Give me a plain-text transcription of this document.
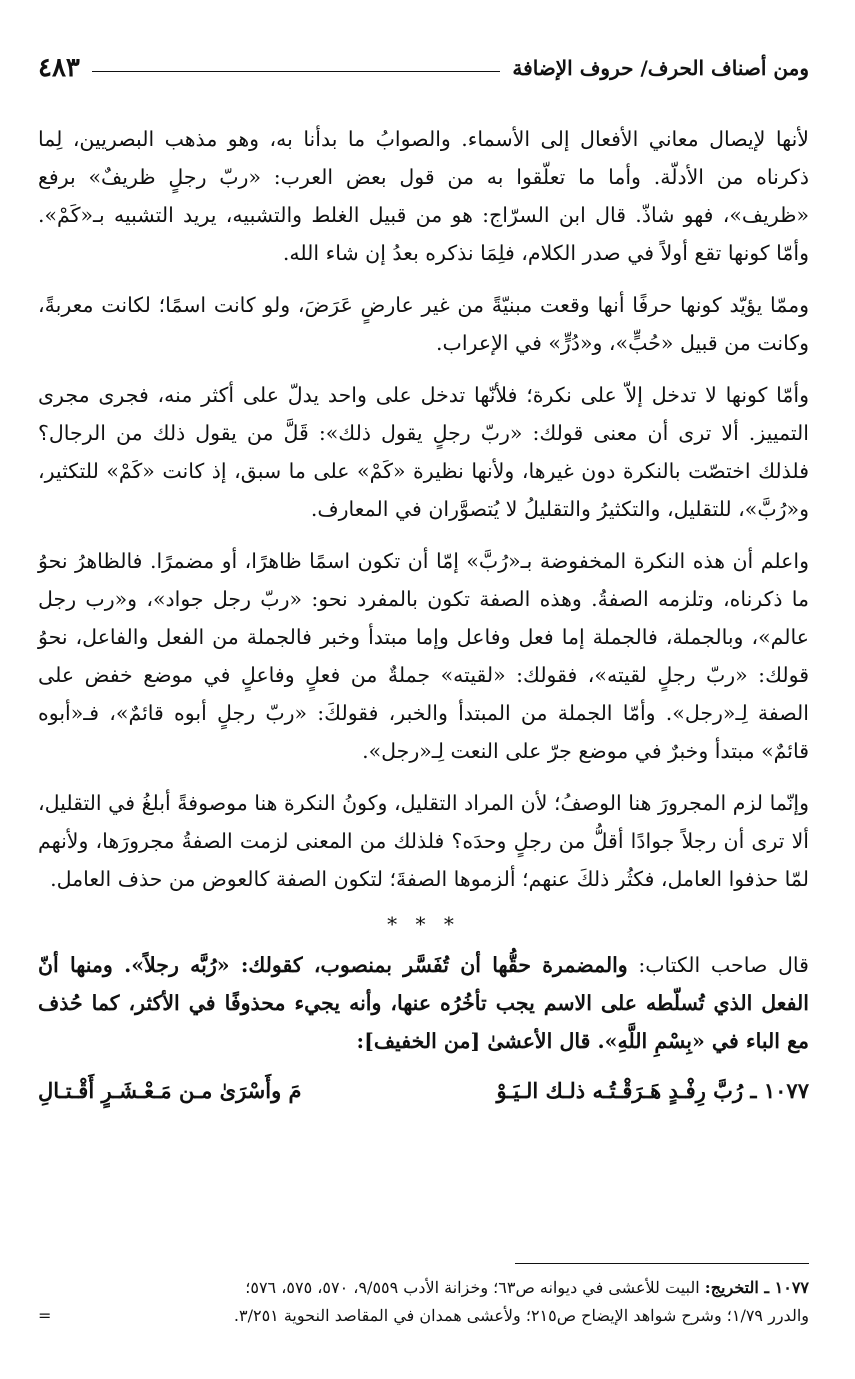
ومن أصناف الحرف/ حروف الإضافة
٤٨٣

لأنها لإيصال معاني الأفعال إلى الأسماء. والصوابُ ما بدأنا به، وهو مذهب البصريين، لِما ذكرناه من الأدلّة. وأما ما تعلّقوا به من قول بعض العرب: «ربّ رجلٍ ظريفٌ» برفع «ظريف»، فهو شاذّ. قال ابن السرّاج: هو من قبيل الغلط والتشبيه، يريد التشبيه بـ«كَمْ». وأمّا كونها تقع أولاً في صدر الكلام، فلِمَا نذكره بعدُ إن شاء الله.

وممّا يؤيّد كونها حرفًا أنها وقعت مبنيّةً من غير عارضٍ عَرَضَ، ولو كانت اسمًا؛ لكانت معربةً، وكانت من قبيل «حُبٍّ»، و«دُرٍّ» في الإعراب.

وأمّا كونها لا تدخل إلاّ على نكرة؛ فلأنّها تدخل على واحد يدلّ على أكثر منه، فجرى مجرى التمييز. ألا ترى أن معنى قولك: «ربّ رجلٍ يقول ذلك»: قَلَّ من يقول ذلك من الرجال؟ فلذلك اختصّت بالنكرة دون غيرها، ولأنها نظيرة «كَمْ» على ما سبق، إذ كانت «كَمْ» للتكثير، و«رُبَّ»، للتقليل، والتكثيرُ والتقليلُ لا يُتصوَّران في المعارف.

واعلم أن هذه النكرة المخفوضة بـ«رُبَّ» إمّا أن تكون اسمًا ظاهرًا، أو مضمرًا. فالظاهرُ نحوُ ما ذكرناه، وتلزمه الصفةُ. وهذه الصفة تكون بالمفرد نحو: «ربّ رجل جواد»، و«رب رجل عالم»، وبالجملة، فالجملة إما فعل وفاعل وإما مبتدأ وخبر فالجملة من الفعل والفاعل، نحوُ قولك: «ربّ رجلٍ لقيته»، فقولك: «لقيته» جملةٌ من فعلٍ وفاعلٍ في موضع خفض على الصفة لِـ«رجل». وأمّا الجملة من المبتدأ والخبر، فقولكَ: «ربّ رجلٍ أبوه قائمٌ»، فـ«أبوه قائمٌ» مبتدأ وخبرٌ في موضع جرّ على النعت لِـ«رجل».

وإنّما لزم المجرورَ هنا الوصفُ؛ لأن المراد التقليل، وكونُ النكرة هنا موصوفةً أبلغُ في التقليل، ألا ترى أن رجلاً جوادًا أقلُّ من رجلٍ وحدَه؟ فلذلك من المعنى لزمت الصفةُ مجرورَها، ولأنهم لمّا حذفوا العامل، فكثُر ذلكَ عنهم؛ ألزموها الصفةَ؛ لتكون الصفة كالعوض من حذف العامل.

* * *

قال صاحب الكتاب: والمضمرة حقُّها أن تُفَسَّر بمنصوب، كقولك: «رُبَّه رجلاً». ومنها أنّ الفعل الذي تُسلّطه على الاسم يجب تأخُرُه عنها، وأنه يجيء محذوفًا في الأكثر، كما حُذف مع الباء في «بِسْمِ اللَّهِ». قال الأعشىٰ [من الخفيف]:

١٠٧٧ ـ رُبَّ رِفْـدٍ هَـرَقْـتُـه ذلـك الـيَـوْ
مَ وأَسْرَىٰ مـن مَـعْـشَـرٍ أَقْـتـالِ
١٠٧٧ ـ التخريج: البيت للأعشى في ديوانه ص٦٣؛ وخزانة الأدب ٩/٥٥٩، ٥٧٠، ٥٧٥، ٥٧٦؛
والدرر ١/٧٩؛ وشرح شواهد الإيضاح ص٢١٥؛ ولأعشى همدان في المقاصد النحوية ٣/٢٥١.
=
